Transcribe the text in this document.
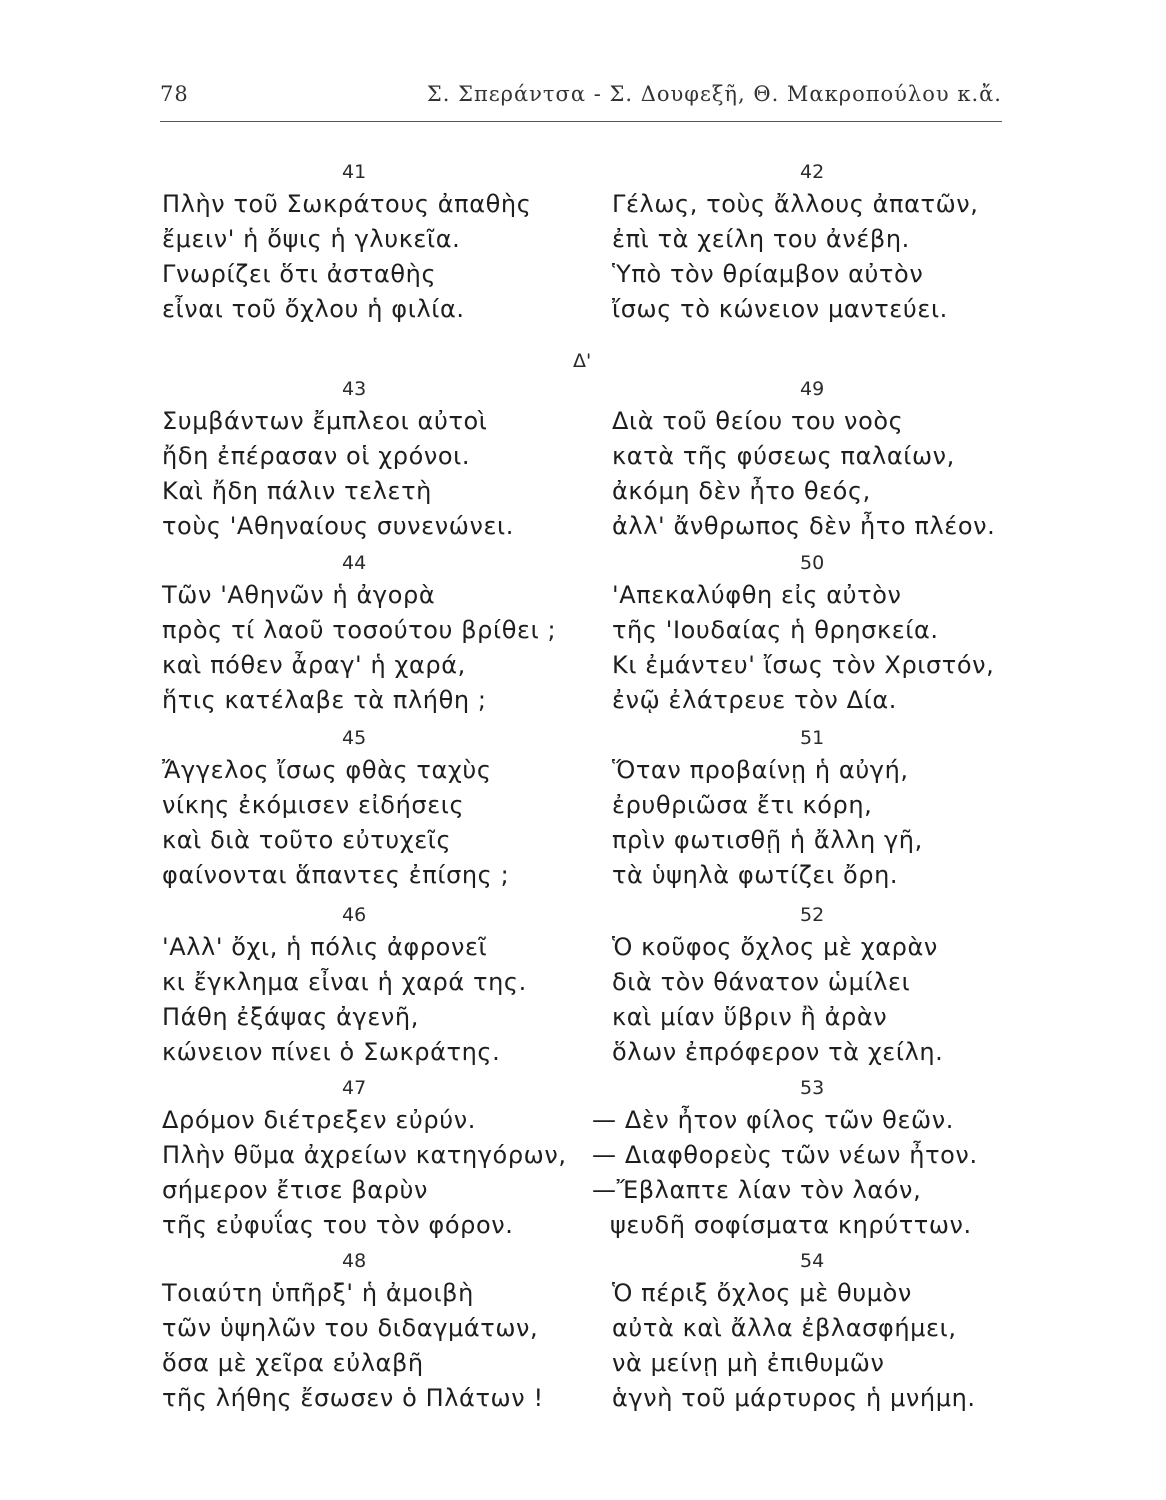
78	Σ. Σπεράντσα - Σ. Δουφεξῆ, Θ. Μακροπούλου κ.ἄ.
Δ'
41
Πλὴν τοῦ Σωκράτους ἀπαθὴς
ἔμειν' ἡ ὄψις ἡ γλυκεῖα.
Γνωρίζει ὅτι ἀσταθὴς
εἶναι τοῦ ὄχλου ἡ φιλία.
43
Συμβάντων ἔμπλεοι αὐτοὶ
ἤδη ἐπέρασαν οἱ χρόνοι.
Καὶ ἤδη πάλιν τελετὴ
τοὺς 'Αθηναίους συνενώνει.
44
Τῶν 'Αθηνῶν ἡ ἀγορὰ
πρὸς τί λαοῦ τοσούτου βρίθει ;
καὶ πόθεν ἆραγ' ἡ χαρά,
ἥτις κατέλαβε τὰ πλήθη ;
45
Ἄγγελος ἴσως φθὰς ταχὺς
νίκης ἐκόμισεν εἰδήσεις
καὶ διὰ τοῦτο εὐτυχεῖς
φαίνονται ἅπαντες ἐπίσης ;
46
'Αλλ' ὄχι, ἡ πόλις ἀφρονεῖ
κι ἔγκλημα εἶναι ἡ χαρά της.
Πάθη ἐξάψας ἀγενῆ,
κώνειον πίνει ὁ Σωκράτης.
47
Δρόμον διέτρεξεν εὐρύν.
Πλὴν θῦμα ἀχρείων κατηγόρων,
σήμερον ἔτισε βαρὺν
τῆς εὐφυΐας του τὸν φόρον.
48
Τοιαύτη ὑπῆρξ' ἡ ἀμοιβὴ
τῶν ὑψηλῶν του διδαγμάτων,
ὅσα μὲ χεῖρα εὐλαβῆ
τῆς λήθης ἔσωσεν ὁ Πλάτων !
42
Γέλως, τοὺς ἄλλους ἀπατῶν,
ἐπὶ τὰ χείλη του ἀνέβη.
Ὑπὸ τὸν θρίαμβον αὐτὸν
ἴσως τὸ κώνειον μαντεύει.
49
Διὰ τοῦ θείου του νοὸς
κατὰ τῆς φύσεως παλαίων,
ἀκόμη δὲν ἦτο θεός,
ἀλλ' ἄνθρωπος δὲν ἦτο πλέον.
50
'Απεκαλύφθη εἰς αὐτὸν
τῆς 'Ιουδαίας ἡ θρησκεία.
Κι ἐμάντευ' ἴσως τὸν Χριστόν,
ἐνῷ ἐλάτρευε τὸν Δία.
51
Ὅταν προβαίνῃ ἡ αὐγή,
ἐρυθριῶσα ἔτι κόρη,
πρὶν φωτισθῇ ἡ ἄλλη γῆ,
τὰ ὑψηλὰ φωτίζει ὄρη.
52
Ὁ κοῦφος ὄχλος μὲ χαρὰν
διὰ τὸν θάνατον ὡμίλει
καὶ μίαν ὕβριν ἢ ἀρὰν
ὅλων ἐπρόφερον τὰ χείλη.
53
— Δὲν ἦτον φίλος τῶν θεῶν.
— Διαφθορεὺς τῶν νέων ἦτον.
—Ἔβλαπτε λίαν τὸν λαόν,
ψευδῆ σοφίσματα κηρύττων.
54
Ὁ πέριξ ὄχλος μὲ θυμὸν
αὐτὰ καὶ ἄλλα ἐβλασφήμει,
νὰ μείνῃ μὴ ἐπιθυμῶν
ἁγνὴ τοῦ μάρτυρος ἡ μνήμη.
